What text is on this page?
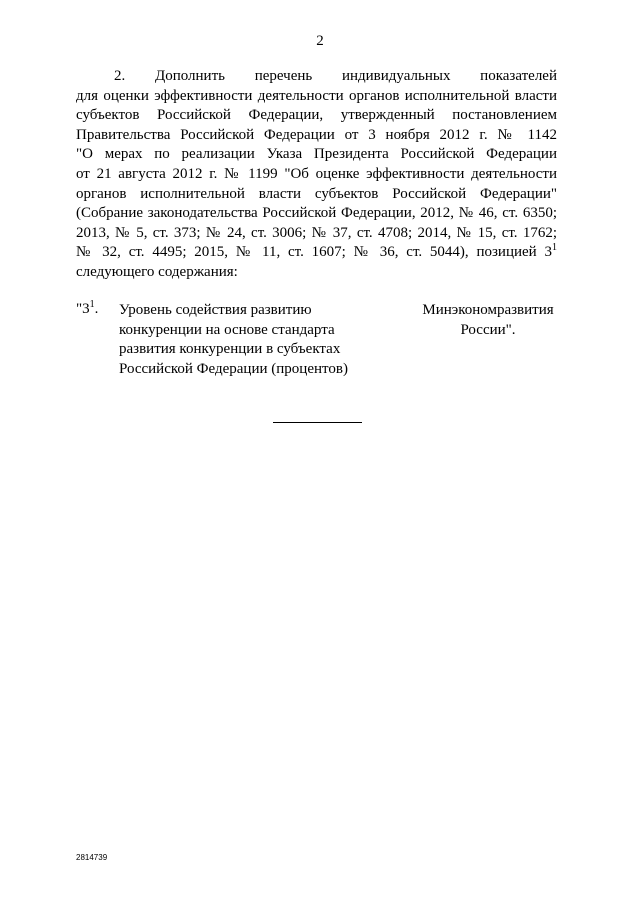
2
2. Дополнить перечень индивидуальных показателей
для оценки эффективности деятельности органов исполнительной власти
субъектов Российской Федерации, утвержденный постановлением
Правительства Российской Федерации от 3 ноября 2012 г. № 1142
"О мерах по реализации Указа Президента Российской Федерации
от 21 августа 2012 г. № 1199 "Об оценке эффективности деятельности
органов исполнительной власти субъектов Российской Федерации"
(Собрание законодательства Российской Федерации, 2012, № 46, ст. 6350;
2013, № 5, ст. 373; № 24, ст. 3006; № 37, ст. 4708; 2014, № 15, ст. 1762;
№ 32, ст. 4495; 2015, № 11, ст. 1607; № 36, ст. 5044), позицией $3^1$
следующего содержания:
"$3^1$. Уровень содействия развитию
конкуренции на основе стандарта
развития конкуренции в субъектах
Российской Федерации (процентов)
Минэкономразвития
России".
2814739
